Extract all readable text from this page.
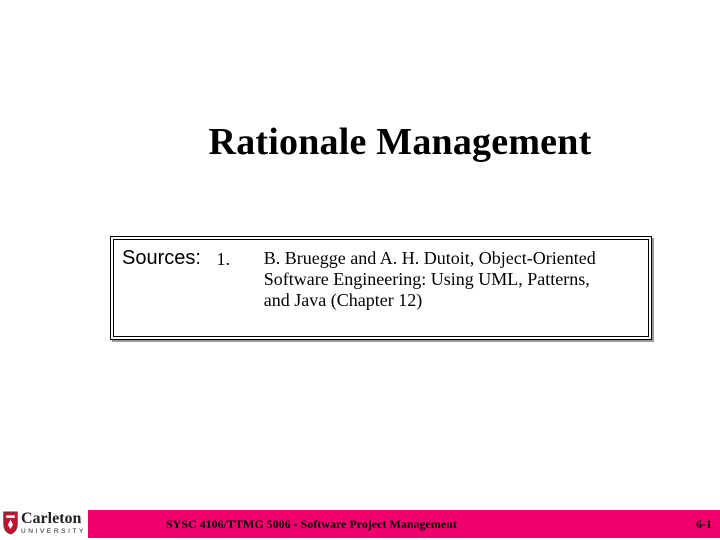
Rationale Management
Sources: 1.	B. Bruegge and A. H. Dutoit, Object-Oriented
Software Engineering: Using UML, Patterns,
and Java (Chapter 12)
Carleton
UNIVERSITY	SYSC 4106/TTMG 5006 - Software Project Management	6-1
